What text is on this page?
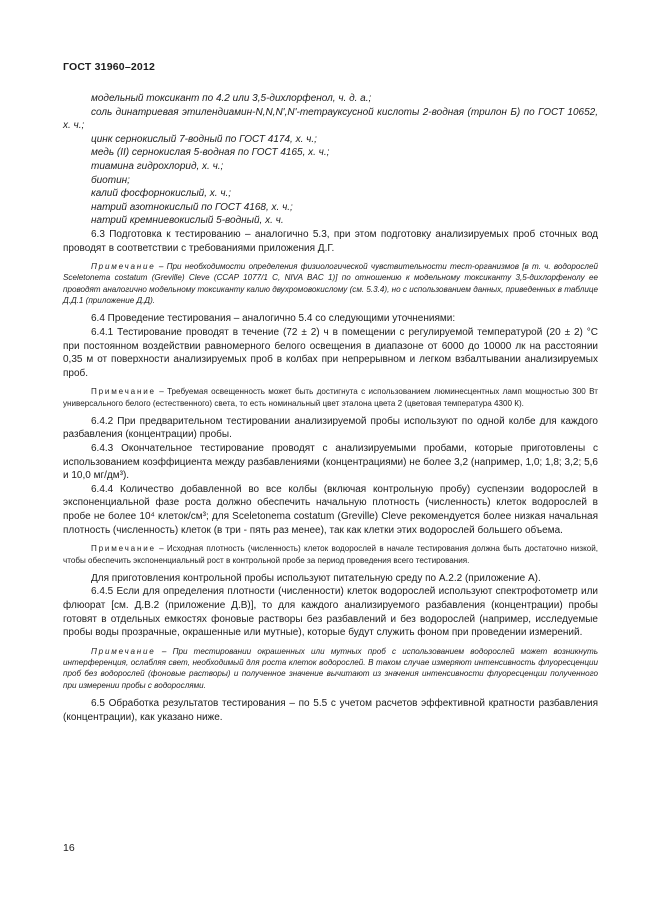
ГОСТ 31960–2012

модельный токсикант по 4.2 или 3,5-дихлорфенол, ч. д. а.;

соль динатриевая этилендиамин-N,N,N',N'-тетрауксусной кислоты 2-водная (трилон Б) по ГОСТ 10652, х. ч.;

цинк сернокислый 7-водный по ГОСТ 4174, х. ч.;

медь (II) сернокислая 5-водная по ГОСТ 4165, х. ч.;

тиамина гидрохлорид, х. ч.;

биотин;

калий фосфорнокислый, х. ч.;

натрий азотнокислый по ГОСТ 4168, х. ч.;

натрий кремниевокислый 5-водный, х. ч.

6.3 Подготовка к тестированию – аналогично 5.3, при этом подготовку анализируемых проб сточных вод проводят в соответствии с требованиями приложения Д.Г.

Примечание – При необходимости определения физиологической чувствительности тест-организмов [в т. ч. водорослей Sceletonema costatum (Greville) Cleve (CCAP 1077/1 C, NIVA BAC 1)] по отношению к модельному токсиканту 3,5-дихлорфенолу ее проводят аналогично модельному токсиканту калию двухромовокислому (см. 5.3.4), но с использованием данных, приведенных в таблице Д.Д.1 (приложение Д.Д).

6.4 Проведение тестирования – аналогично 5.4 со следующими уточнениями:

6.4.1 Тестирование проводят в течение (72 ± 2) ч в помещении с регулируемой температурой (20 ± 2) °С при постоянном воздействии равномерного белого освещения в диапазоне от 6000 до 10000 лк на расстоянии 0,35 м от поверхности анализируемых проб в колбах при непрерывном и легком взбалтывании анализируемых проб.

Примечание – Требуемая освещенность может быть достигнута с использованием люминесцентных ламп мощностью 300 Вт универсального белого (естественного) света, то есть номинальный цвет эталона цвета 2 (цветовая температура 4300 К).

6.4.2 При предварительном тестировании анализируемой пробы используют по одной колбе для каждого разбавления (концентрации) пробы.

6.4.3 Окончательное тестирование проводят с анализируемыми пробами, которые приготовлены с использованием коэффициента между разбавлениями (концентрациями) не более 3,2 (например, 1,0; 1,8; 3,2; 5,6 и 10,0 мг/дм³).

6.4.4 Количество добавленной во все колбы (включая контрольную пробу) суспензии водорослей в экспоненциальной фазе роста должно обеспечить начальную плотность (численность) клеток водорослей в пробе не более 10⁴ клеток/см³; для Sceletonema costatum (Greville) Cleve рекомендуется более низкая начальная плотность (численность) клеток (в три - пять раз менее), так как клетки этих водорослей большего объема.

Примечание – Исходная плотность (численность) клеток водорослей в начале тестирования должна быть достаточно низкой, чтобы обеспечить экспоненциальный рост в контрольной пробе за период проведения всего тестирования.

Для приготовления контрольной пробы используют питательную среду по А.2.2 (приложение А).

6.4.5 Если для определения плотности (численности) клеток водорослей используют спектрофотометр или флюорат [см. Д.В.2 (приложение Д.В)], то для каждого анализируемого разбавления (концентрации) пробы готовят в отдельных емкостях фоновые растворы без разбавлений и без водорослей (например, исследуемые пробы воды прозрачные, окрашенные или мутные), которые будут служить фоном при проведении измерений.

Примечание – При тестировании окрашенных или мутных проб с использованием водорослей может возникнуть интерференция, ослабляя свет, необходимый для роста клеток водорослей. В таком случае измеряют интенсивность флуоресценции проб без водорослей (фоновые растворы) и полученное значение вычитают из значения интенсивности флуоресценции полученного при измерении пробы с водорослями.

6.5 Обработка результатов тестирования – по 5.5 с учетом расчетов эффективной кратности разбавления (концентрации), как указано ниже.

16
